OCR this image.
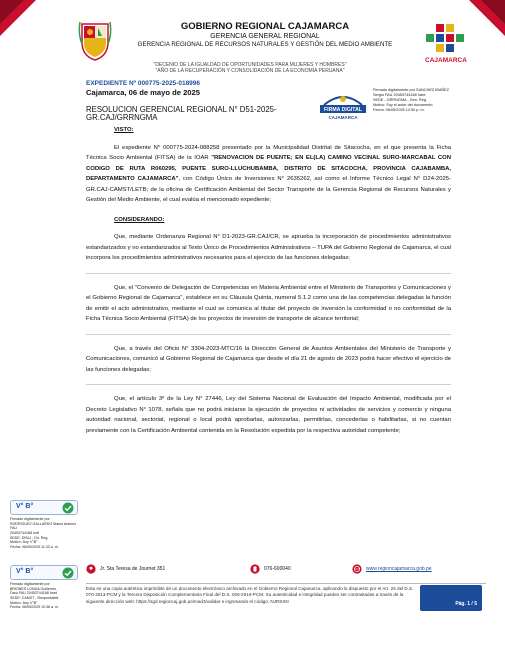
GOBIERNO REGIONAL CAJAMARCA
GERENCIA GENERAL REGIONAL
GERENCIA REGIONAL DE RECURSOS NATURALES Y GESTIÓN DEL MEDIO AMBIENTE
CAJAMARCA
"DECENIO DE LA IGUALDAD DE OPORTUNIDADES PARA MUJERES Y HOMBRES"
"AÑO DE LA RECUPERACIÓN Y CONSOLIDACIÓN DE LA ECONOMÍA PERUANA"
EXPEDIENTE Nº 000775-2025-018996
Cajamarca, 06 de mayo de 2025
RESOLUCION GERENCIAL REGIONAL N° D51-2025-GR.CAJ/GRRNGMA
FIRMA DIGITAL
CAJAMARCA
Firmado digitalmente por SANCHEZ IBAÑEZ
Sergio FAU 20453744168 hard
SEDE - GRRNGMA - Gen. Reg.
Motivo: Soy el autor del documento
Fecha: 06/05/2025 12:50 p. m.
VISTO:

El expediente N° 000775-2024-088258 presentado por la Municipalidad Distrital de Sitacocha, en el que presenta la Ficha Técnica Socio Ambiental (FITSA) de la IOAR "RENOVACION DE PUENTE; EN EL(LA) CAMINO VECINAL SURO-MARCABAL CON CODIGO DE RUTA R060295, PUENTE SURO-LLUCHUBAMBA, DISTRITO DE SITACOCHA, PROVINCIA CAJABAMBA, DEPARTAMENTO CAJAMARCA", con Código Único de Inversiones N° 2635262, así como el Informe Técnico Legal N° D24-2025-GR.CAJ-CAMST/LETB; de la oficina de Certificación Ambiental del Sector Transporte de la Gerencia Regional de Recursos Naturales y Gestión del Medio Ambiente, el cual evalúa el mencionado expediente;

CONSIDERANDO:

Que, mediante Ordenanza Regional N° D1-2023-GR.CAJ/CR, se aprueba la incorporación de procedimientos administrativos estandarizados y no estandarizados al Texto Único de Procedimientos Administrativos – TUPA del Gobierno Regional de Cajamarca, el cual incorpora los procedimientos administrativos necesarios para el ejercicio de las funciones delegadas;

Que, el "Convenio de Delegación de Competencias en Materia Ambiental entre el Ministerio de Transportes y Comunicaciones y el Gobierno Regional de Cajamarca", establece en su Cláusula Quinta, numeral 5.1.2 como una de las competencias delegadas la función de emitir el acto administrativo, mediante el cual se comunica al titular del proyecto de inversión la conformidad o no conformidad de la Ficha Técnica Socio Ambiental (FITSA) de los proyectos de inversión de transporte de alcance territorial;

Que, a través del Oficio N° 3304-2023-MTC/16 la Dirección General de Asuntos Ambientales del Ministerio de Transporte y Comunicaciones, comunicó al Gobierno Regional de Cajamarca que desde el día 21 de agosto de 2023 podrá hacer efectivo el ejercicio de las funciones delegadas;

Que, el artículo 3º de la Ley N° 27446, Ley del Sistema Nacional de Evaluación del Impacto Ambiental, modificada por el Decreto Legislativo N° 1078, señala que no podrá iniciarse la ejecución de proyectos ni actividades de servicios y comercio y ninguna autoridad nacional, sectorial, regional o local podrá aprobarlas, autorizarlas, permitirlas, concederlas o habilitarlas, si no cuentan previamente con la Certificación Ambiental contenida en la Resolución expedida por la respectiva autoridad competente;

V° B°
Firmado digitalmente por
RODRIGUEZ GALLARDO Marco Antonio FAU
20453744168 soft
SEDE: DRAJ - Dir. Reg.
Motivo: Doy V°B°
Fecha: 06/05/2025 11:33 a. m.
V° B°
Firmado digitalmente por
BRIONES LONGA Guillermo
Darú FAU 20453744168 hard
SEDE: CAMST - Responsable
Motivo: Doy V°B°
Fecha: 06/05/2025 10:36 a. m.
Jr. Sta Teresa de Journet 351	076-600040	www.regioncajamarca.gob.pe
Esta es una copia auténtica imprimible de un documento electrónico archivado en el Gobierno Regional Cajamarca, aplicando lo dispuesto por el Art. 25 del D.S. 070-2013-PCM y la Tercera Disposición Complementaria Final del D.S. 026-2016-PCM. Su autenticidad e integridad pueden ser contrastadas a través de la siguiente dirección web: https://sgd.regioncaj.gob.pe/mad3/validar e ingresando el código: NJRSSN	Pág. 1 / 5
